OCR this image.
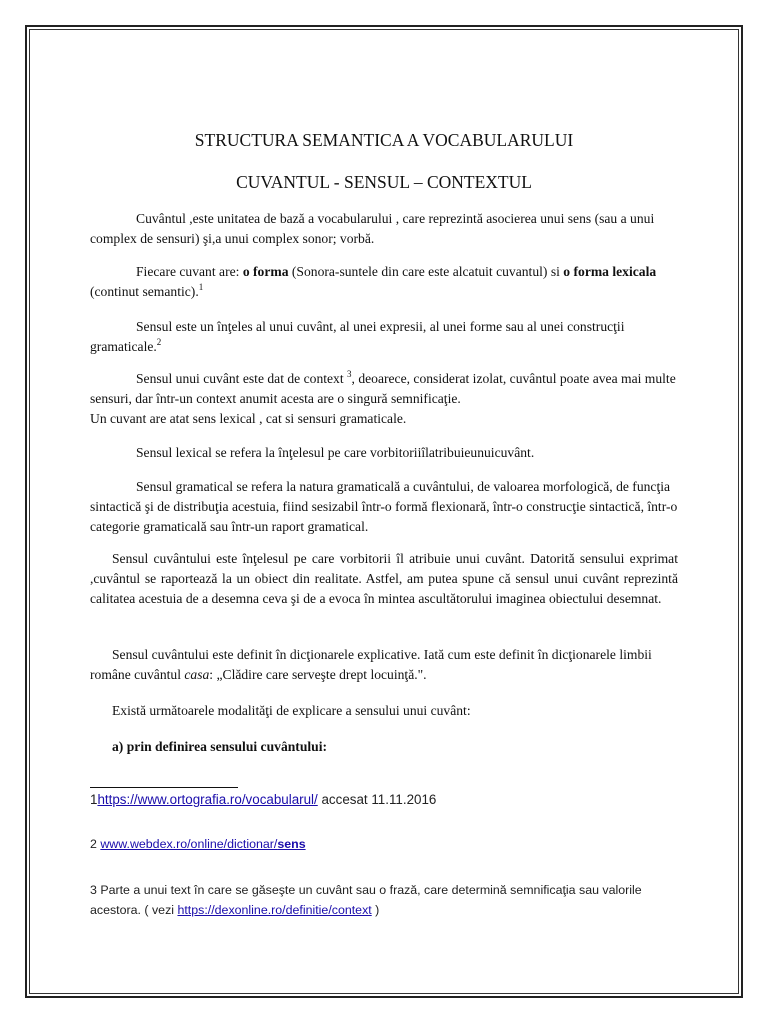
STRUCTURA SEMANTICA A VOCABULARULUI

CUVANTUL - SENSUL – CONTEXTUL

Cuvântul ,este unitatea de bază a vocabularului , care reprezintă asocierea unui sens (sau a unui complex de sensuri) şi,a unui complex sonor; vorbă.

Fiecare cuvant are: o forma (Sonora-suntele din care este alcatuit cuvantul) si o forma lexicala (continut semantic).$^1$

Sensul este un înţeles al unui cuvânt, al unei expresii, al unei forme sau al unei construcţii gramaticale.$^2$

Sensul unui cuvânt este dat de context $^3$, deoarece, considerat izolat, cuvântul poate avea mai multe sensuri, dar într-un context anumit acesta are o singură semnificaţie.

Un cuvant are atat sens lexical , cat si sensuri gramaticale.

Sensul lexical se refera la înţelesul pe care vorbitoriiîlatribuieunuicuvânt.

Sensul gramatical se refera la natura gramaticală a cuvântului, de valoarea morfologică, de funcţia sintactică şi de distribuţia acestuia, fiind sesizabil într-o formă flexionară, într-o construcţie sintactică, într-o categorie gramaticală sau într-un raport gramatical.

Sensul cuvântului este înţelesul pe care vorbitorii îl atribuie unui cuvânt. Datorită sensului exprimat ,cuvântul se raportează la un obiect din realitate. Astfel, am putea spune că sensul unui cuvânt reprezintă calitatea acestuia de a desemna ceva şi de a evoca în mintea ascultătorului imaginea obiectului desemnat.

Sensul cuvântului este definit în dicţionarele explicative. Iată cum este definit în dicţionarele limbii române cuvântul casa: „Clădire care serveşte drept locuinţă.".

Există următoarele modalităţi de explicare a sensului unui cuvânt:

a) prin definirea sensului cuvântului:

1https://www.ortografia.ro/vocabularul/ accesat 11.11.2016
2 www.webdex.ro/online/dictionar/sens
3 Parte a unui text în care se găseşte un cuvânt sau o frază, care determină semnificaţia sau valorile acestora. ( vezi https://dexonline.ro/definitie/context )
